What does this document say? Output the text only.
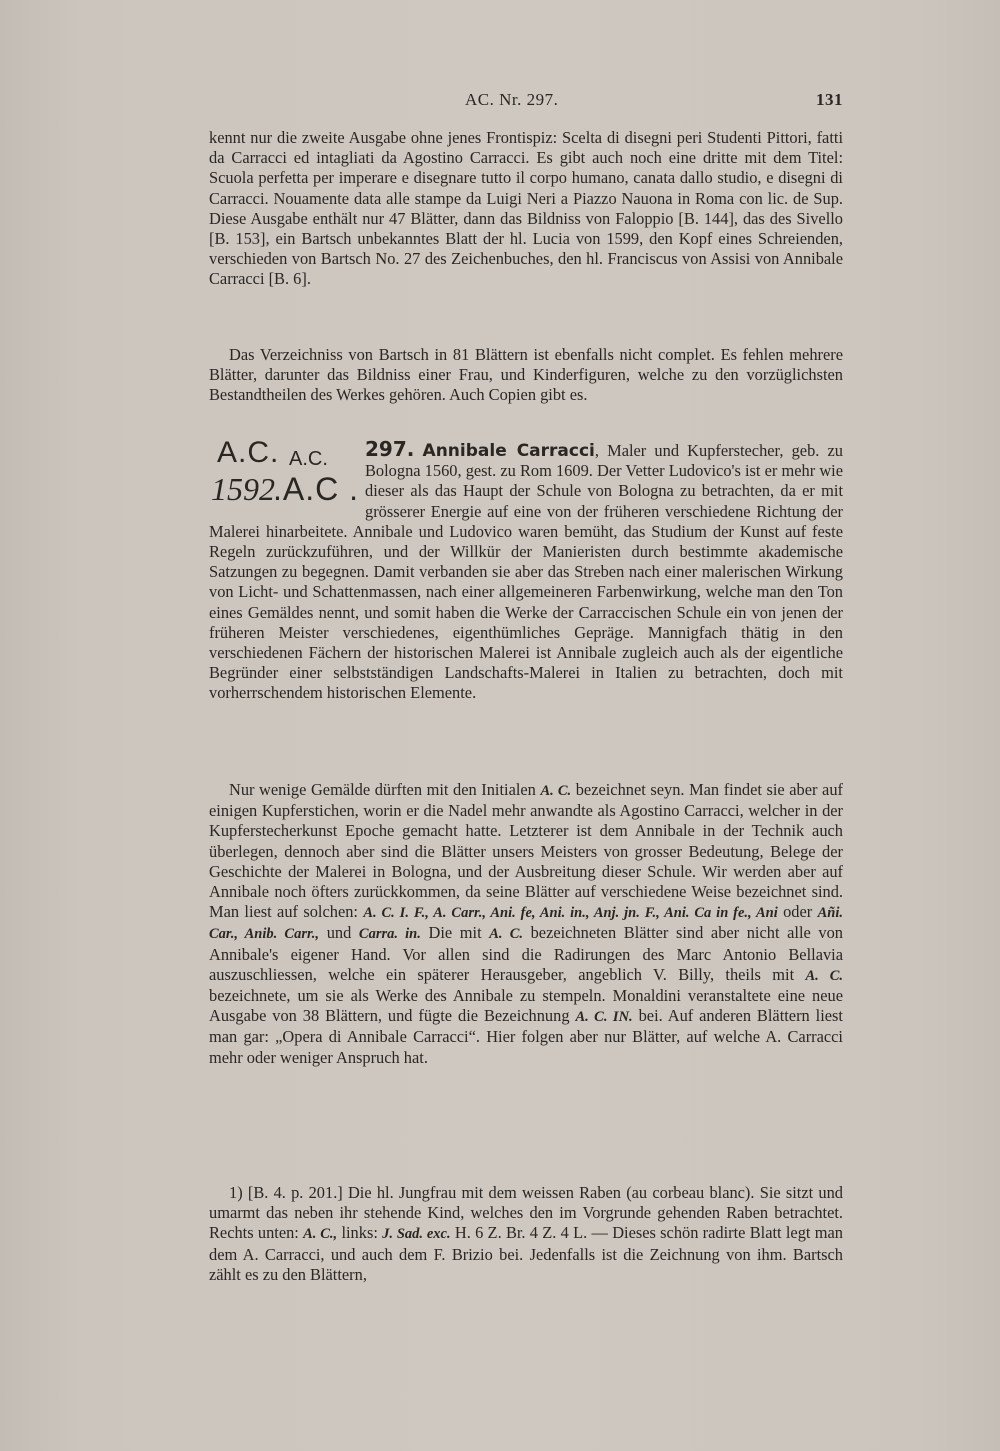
AC. Nr. 297.	131

kennt nur die zweite Ausgabe ohne jenes Frontispiz: Scelta di disegni peri Studenti Pittori, fatti da Carracci ed intagliati da Agostino Carracci. Es gibt auch noch eine dritte mit dem Titel: Scuola perfetta per imperare e disegnare tutto il corpo humano, canata dallo studio, e disegni di Carracci. Nouamente data alle stampe da Luigi Neri a Piazzo Nauona in Roma con lic. de Sup. Diese Ausgabe enthält nur 47 Blätter, dann das Bildniss von Faloppio [B. 144], das des Sivello [B. 153], ein Bartsch unbekanntes Blatt der hl. Lucia von 1599, den Kopf eines Schreienden, verschieden von Bartsch No. 27 des Zeichenbuches, den hl. Franciscus von Assisi von Annibale Carracci [B. 6].

Das Verzeichniss von Bartsch in 81 Blättern ist ebenfalls nicht complet. Es fehlen mehrere Blätter, darunter das Bildniss einer Frau, und Kinderfiguren, welche zu den vorzüglichsten Bestandtheilen des Werkes gehören. Auch Copien gibt es.

297. Annibale Carracci
A.C. A.C.
1592
.A.C .
, Maler und Kupferstecher, geb. zu Bologna 1560, gest. zu Rom 1609. Der Vetter Ludovico's ist er mehr wie dieser als das Haupt der Schule von Bologna zu betrachten, da er mit grösserer Energie auf eine von der früheren verschiedene Richtung der Malerei hinarbeitete. Annibale und Ludovico waren bemüht, das Studium der Kunst auf feste Regeln zurückzuführen, und der Willkür der Manieristen durch bestimmte akademische Satzungen zu begegnen. Damit verbanden sie aber das Streben nach einer malerischen Wirkung von Licht- und Schattenmassen, nach einer allgemeineren Farbenwirkung, welche man den Ton eines Gemäldes nennt, und somit haben die Werke der Carraccischen Schule ein von jenen der früheren Meister verschiedenes, eigenthümliches Gepräge. Mannigfach thätig in den verschiedenen Fächern der historischen Malerei ist Annibale zugleich auch als der eigentliche Begründer einer selbstständigen Landschafts-Malerei in Italien zu betrachten, doch mit vorherrschendem historischen Elemente.

Nur wenige Gemälde dürften mit den Initialen A. C. bezeichnet seyn. Man findet sie aber auf einigen Kupferstichen, worin er die Nadel mehr anwandte als Agostino Carracci, welcher in der Kupferstecherkunst Epoche gemacht hatte. Letzterer ist dem Annibale in der Technik auch überlegen, dennoch aber sind die Blätter unsers Meisters von grosser Bedeutung, Belege der Geschichte der Malerei in Bologna, und der Ausbreitung dieser Schule. Wir werden aber auf Annibale noch öfters zurückkommen, da seine Blätter auf verschiedene Weise bezeichnet sind. Man liest auf solchen: A. C. I. F., A. Carr., Ani. fe, Ani. in., Anj. jn. F., Ani. Ca in fe., Ani oder Añi. Car., Anib. Carr., und Carra. in. Die mit A. C. bezeichneten Blätter sind aber nicht alle von Annibale's eigener Hand. Vor allen sind die Radirungen des Marc Antonio Bellavia auszuschliessen, welche ein späterer Herausgeber, angeblich V. Billy, theils mit A. C. bezeichnete, um sie als Werke des Annibale zu stempeln. Monaldini veranstaltete eine neue Ausgabe von 38 Blättern, und fügte die Bezeichnung A. C. IN. bei. Auf anderen Blättern liest man gar: „Opera di Annibale Carracci“. Hier folgen aber nur Blätter, auf welche A. Carracci mehr oder weniger Anspruch hat.

1) [B. 4. p. 201.] Die hl. Jungfrau mit dem weissen Raben (au corbeau blanc). Sie sitzt und umarmt das neben ihr stehende Kind, welches den im Vorgrunde gehenden Raben betrachtet. Rechts unten: A. C., links: J. Sad. exc. H. 6 Z. Br. 4 Z. 4 L. — Dieses schön radirte Blatt legt man dem A. Carracci, und auch dem F. Brizio bei. Jedenfalls ist die Zeichnung von ihm. Bartsch zählt es zu den Blättern,
